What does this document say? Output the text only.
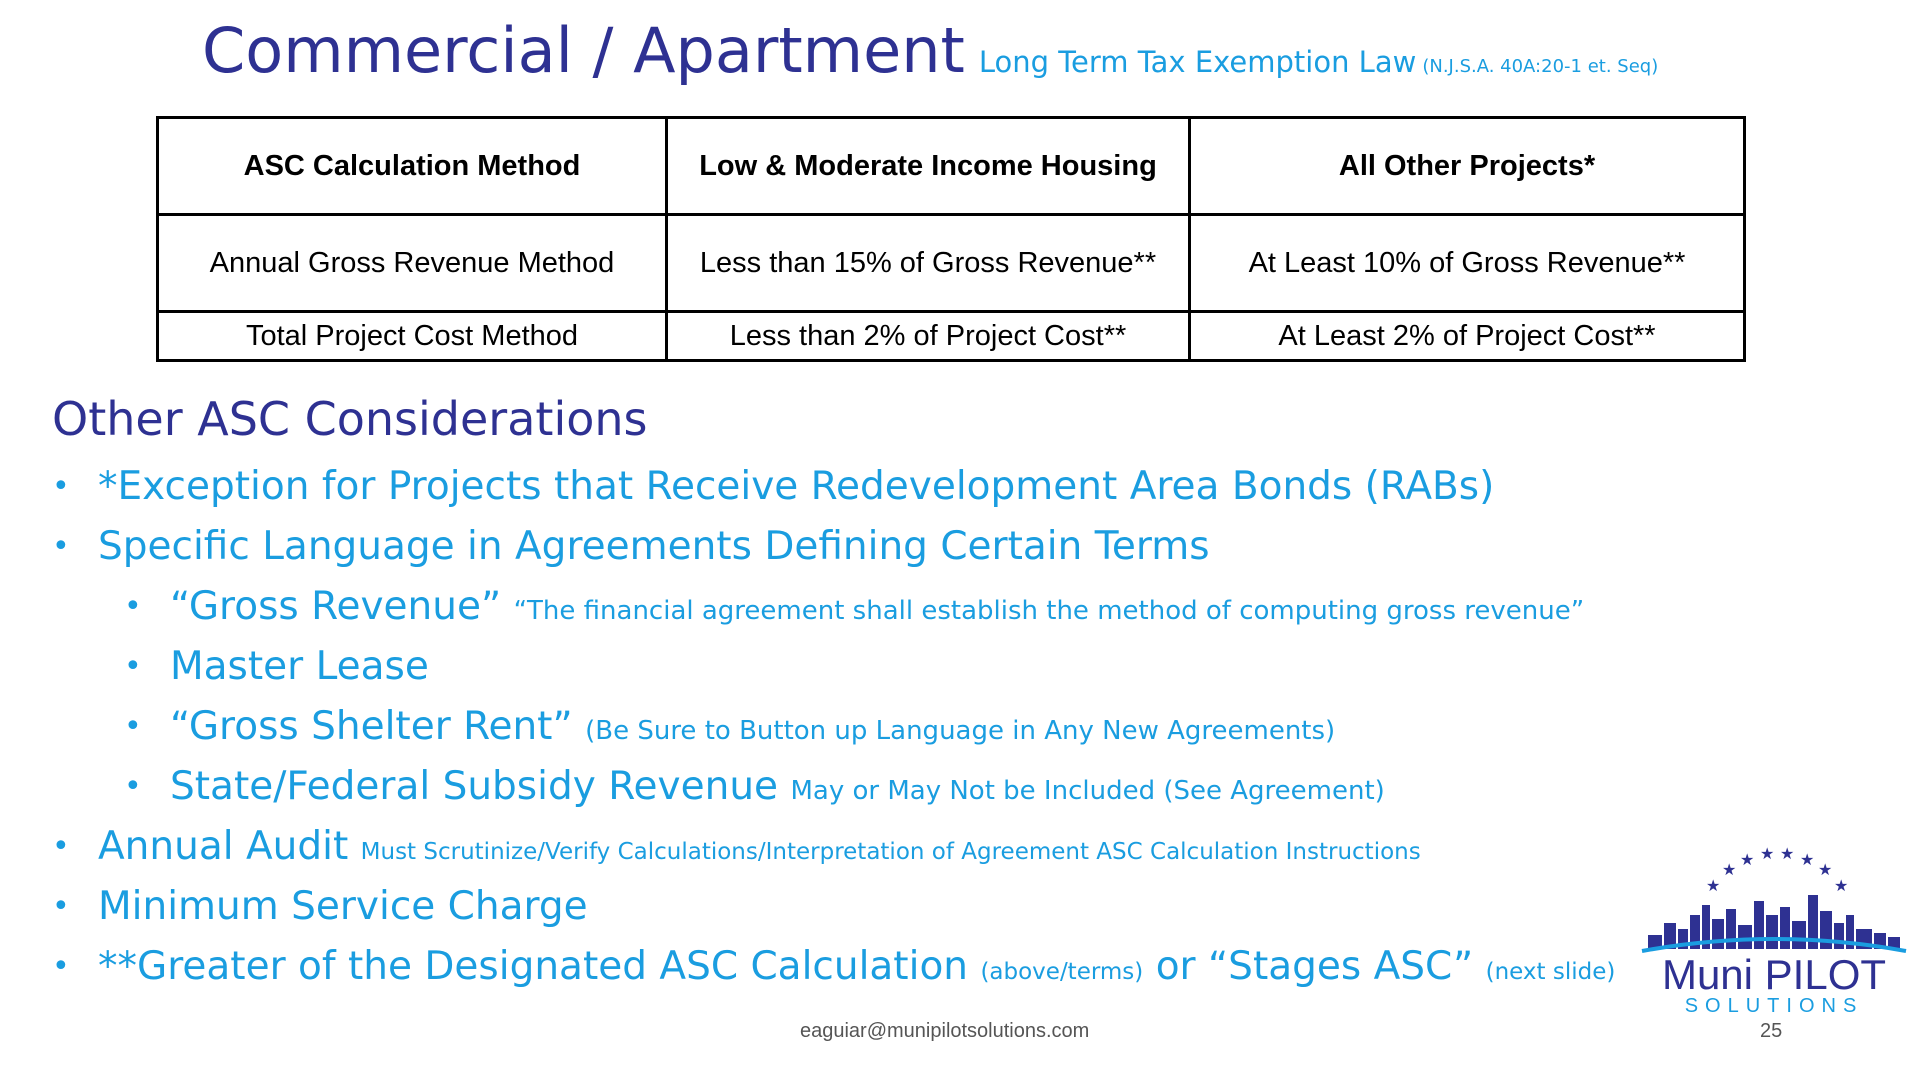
Commercial / Apartment Long Term Tax Exemption Law (N.J.S.A. 40A:20-1 et. Seq)
ASC Calculation Method	Low & Moderate Income Housing	All Other Projects*
Annual Gross Revenue Method	Less than 15% of Gross Revenue**	At Least 10% of Gross Revenue**
Total Project Cost Method	Less than 2% of Project Cost**	At Least 2% of Project Cost**
Other ASC Considerations
• *Exception for Projects that Receive Redevelopment Area Bonds (RABs)
• Specific Language in Agreements Defining Certain Terms
• “Gross Revenue” “The financial agreement shall establish the method of computing gross revenue”
• Master Lease
• “Gross Shelter Rent” (Be Sure to Button up Language in Any New Agreements)
• State/Federal Subsidy Revenue May or May Not be Included (See Agreement)
• Annual Audit Must Scrutinize/Verify Calculations/Interpretation of Agreement ASC Calculation Instructions
• Minimum Service Charge
• **Greater of the Designated ASC Calculation (above/terms) or “Stages ASC” (next slide)
★
★
★ ★ ★ ★
★
★
Muni PILOT
SOLUTIONS
eaguiar@munipilotsolutions.com	25
